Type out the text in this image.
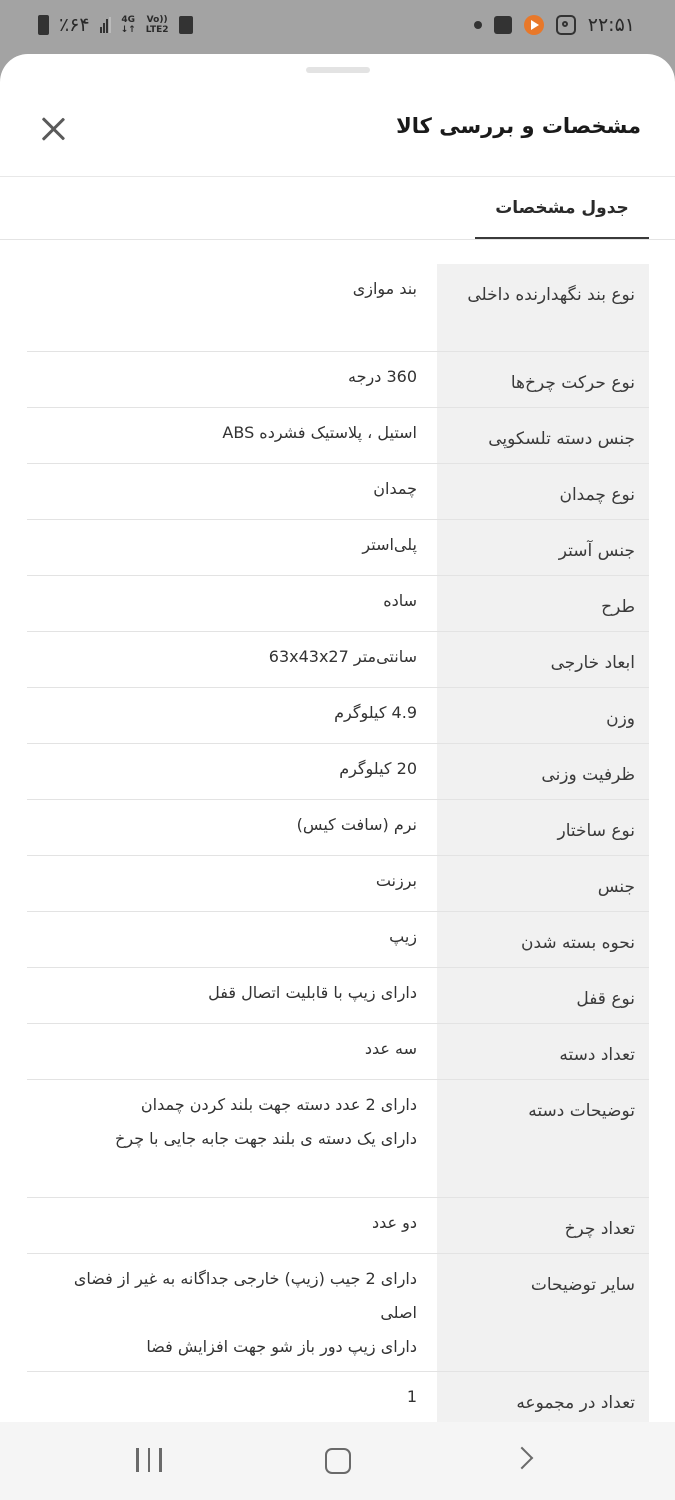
٪۶۴	4G
↓↑
Vo))
LTE2	۲۲:۵۱
مشخصات و بررسی کالا
جدول مشخصات
نوع بند نگهدارنده داخلی
بند موازی
نوع حرکت چرخ‌ها
360 درجه
جنس دسته تلسکوپی
استیل ، پلاستیک فشرده ABS
نوع چمدان
چمدان
جنس آستر
پلی‌استر
طرح
ساده
ابعاد خارجی
سانتی‌متر 63x43x27
وزن
4.9 کیلوگرم
ظرفیت وزنی
20 کیلوگرم
نوع ساختار
نرم (سافت کیس)
جنس
برزنت
نحوه بسته شدن
زیپ
نوع قفل
دارای زیپ با قابلیت اتصال قفل
تعداد دسته
سه عدد
توضیحات دسته
دارای 2 عدد دسته جهت بلند کردن چمدان
دارای یک دسته ی بلند جهت جابه جایی با چرخ
تعداد چرخ
دو عدد
سایر توضیحات
دارای 2 جیب (زیپ) خارجی جداگانه به غیر از فضای اصلی
دارای زیپ دور باز شو جهت افزایش فضا
تعداد در مجموعه
1
